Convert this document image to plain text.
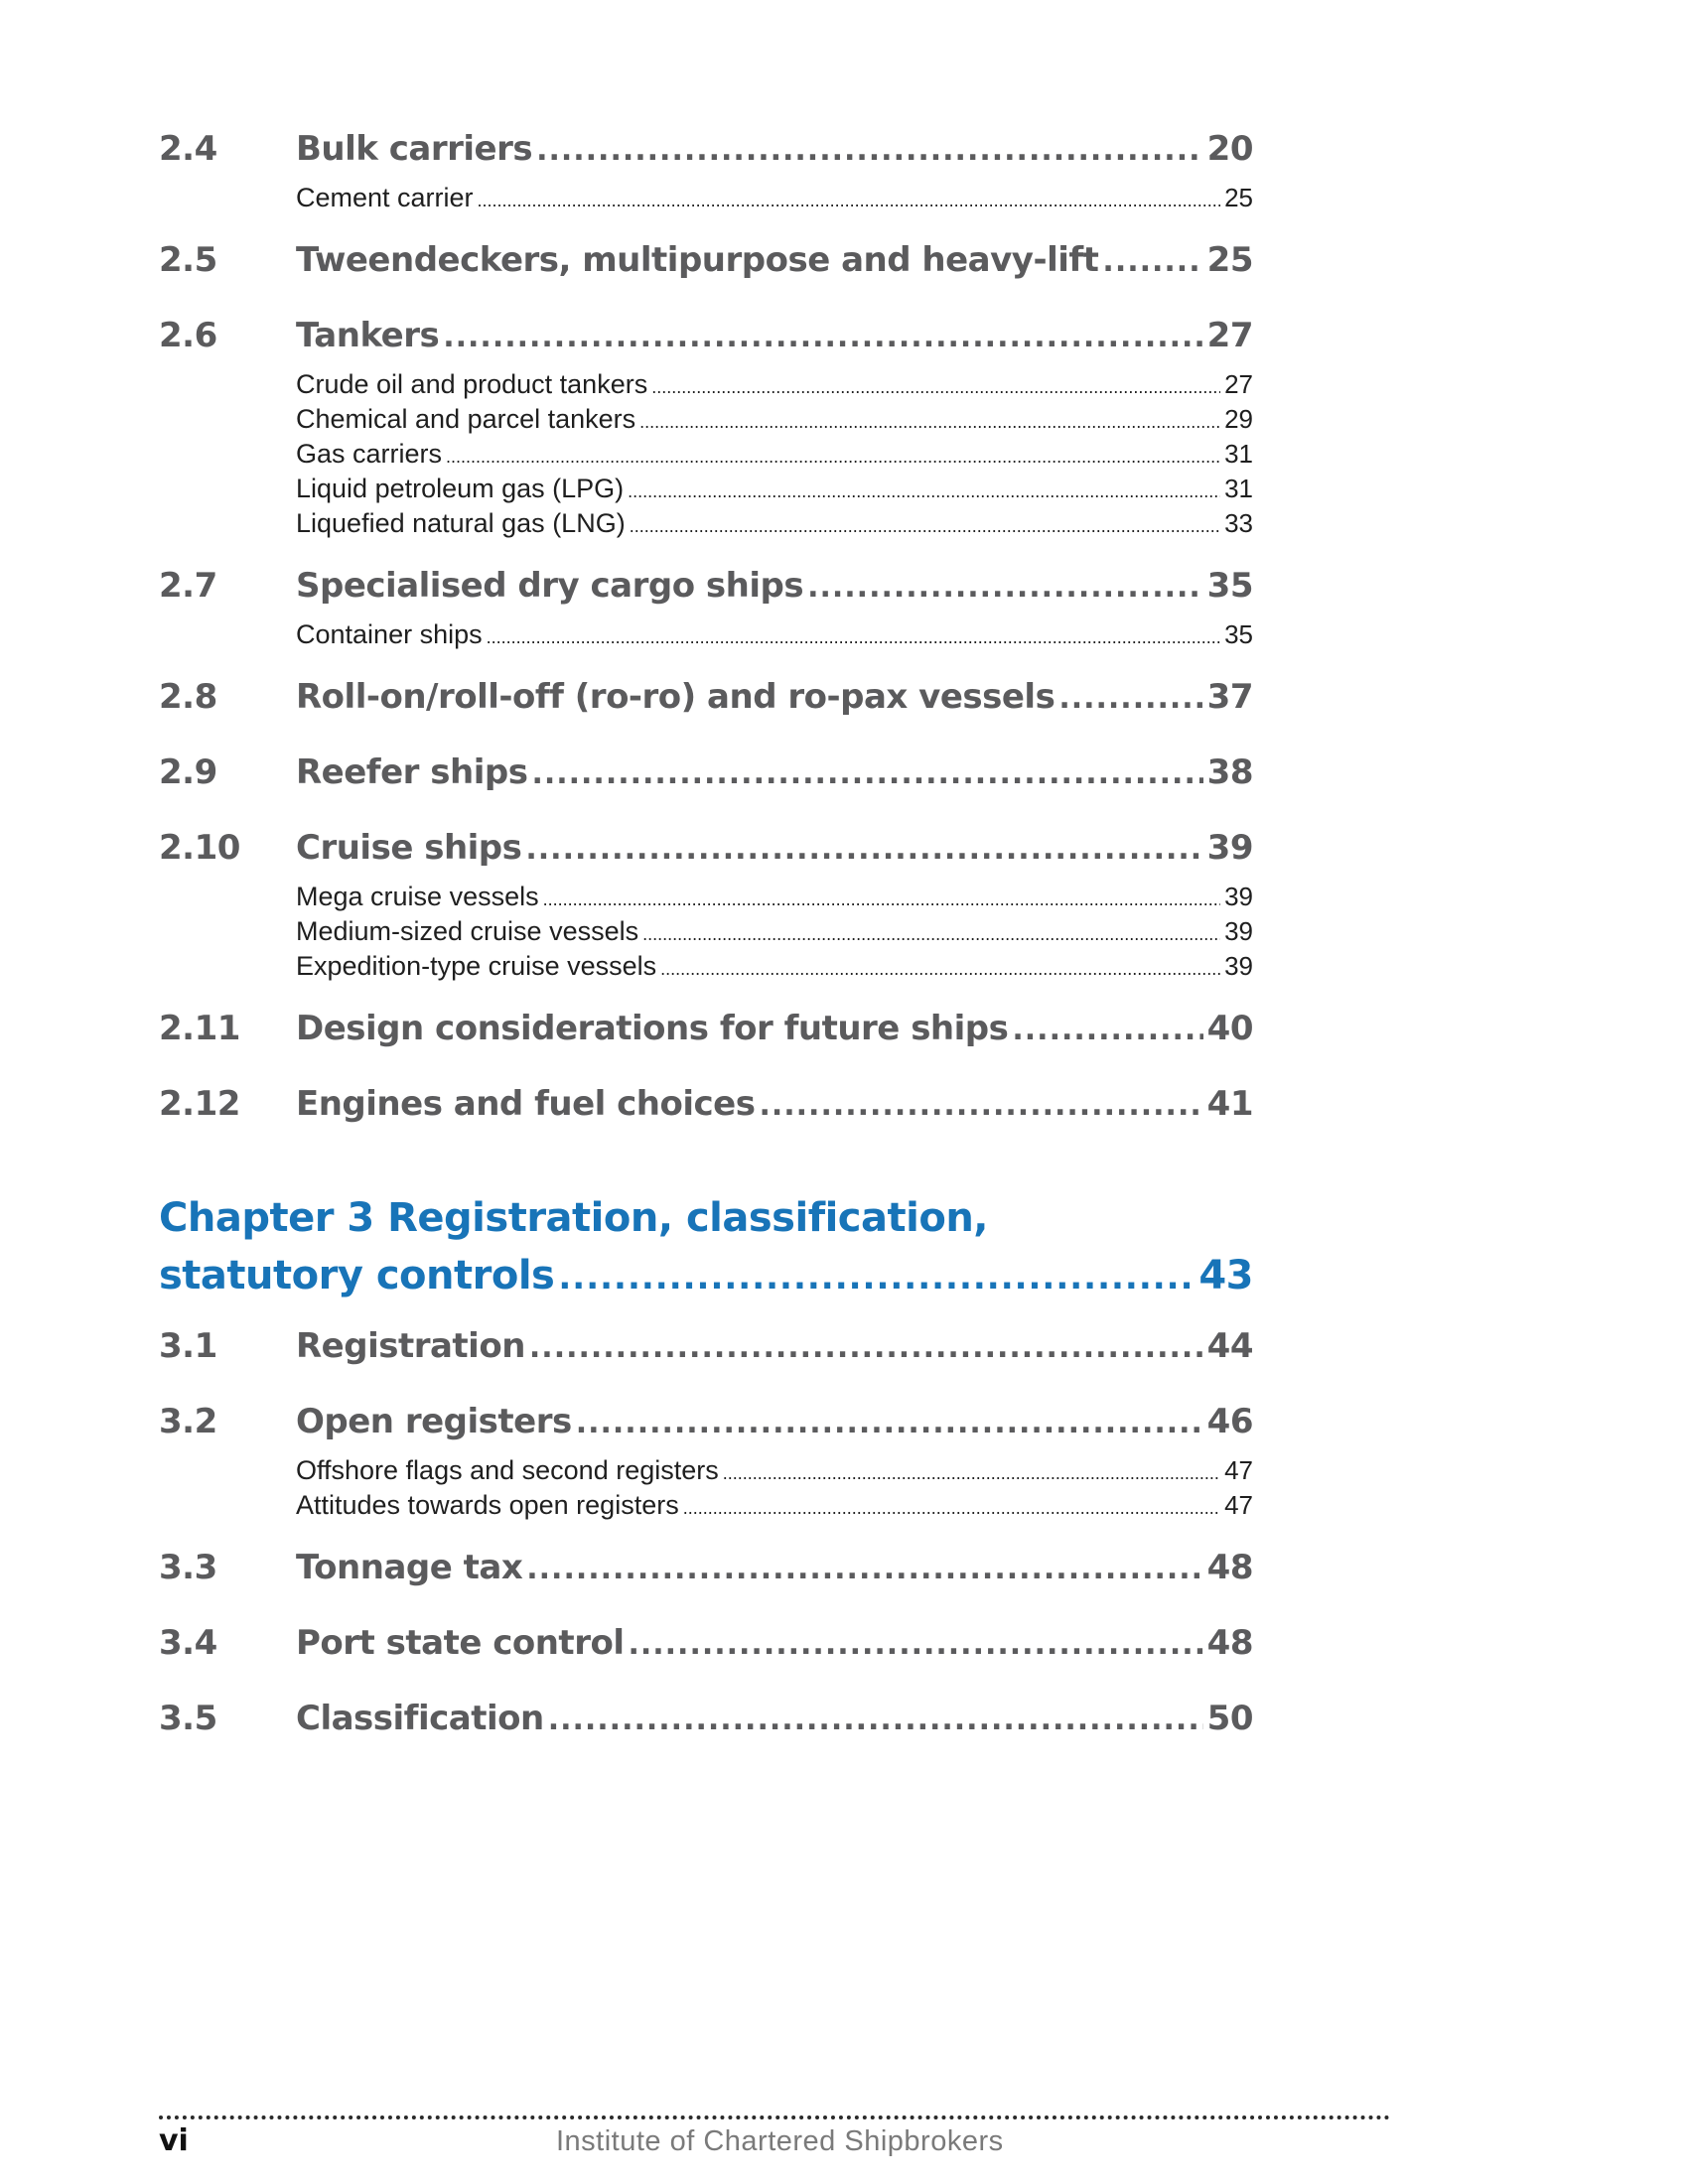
2.4	Bulk carriers .....	20
Cement carrier .....	25
2.5	Tweendeckers, multipurpose and heavy-lift .....	25
2.6	Tankers .....	27
Crude oil and product tankers .....	27
Chemical and parcel tankers .....	29
Gas carriers .....	31
Liquid petroleum gas (LPG) .....	31
Liquefied natural gas (LNG) .....	33
2.7	Specialised dry cargo ships .....	35
Container ships .....	35
2.8	Roll-on/roll-off (ro-ro) and ro-pax vessels .....	37
2.9	Reefer ships .....	38
2.10	Cruise ships .....	39
Mega cruise vessels .....	39
Medium-sized cruise vessels .....	39
Expedition-type cruise vessels .....	39
2.11	Design considerations for future ships .....	40
2.12	Engines and fuel choices .....	41
Chapter 3 Registration, classification,
statutory controls .....	43
3.1	Registration .....	44
3.2	Open registers .....	46
Offshore flags and second registers .....	47
Attitudes towards open registers .....	47
3.3	Tonnage tax .....	48
3.4	Port state control .....	48
3.5	Classification .....	50
vi	Institute of Chartered Shipbrokers
